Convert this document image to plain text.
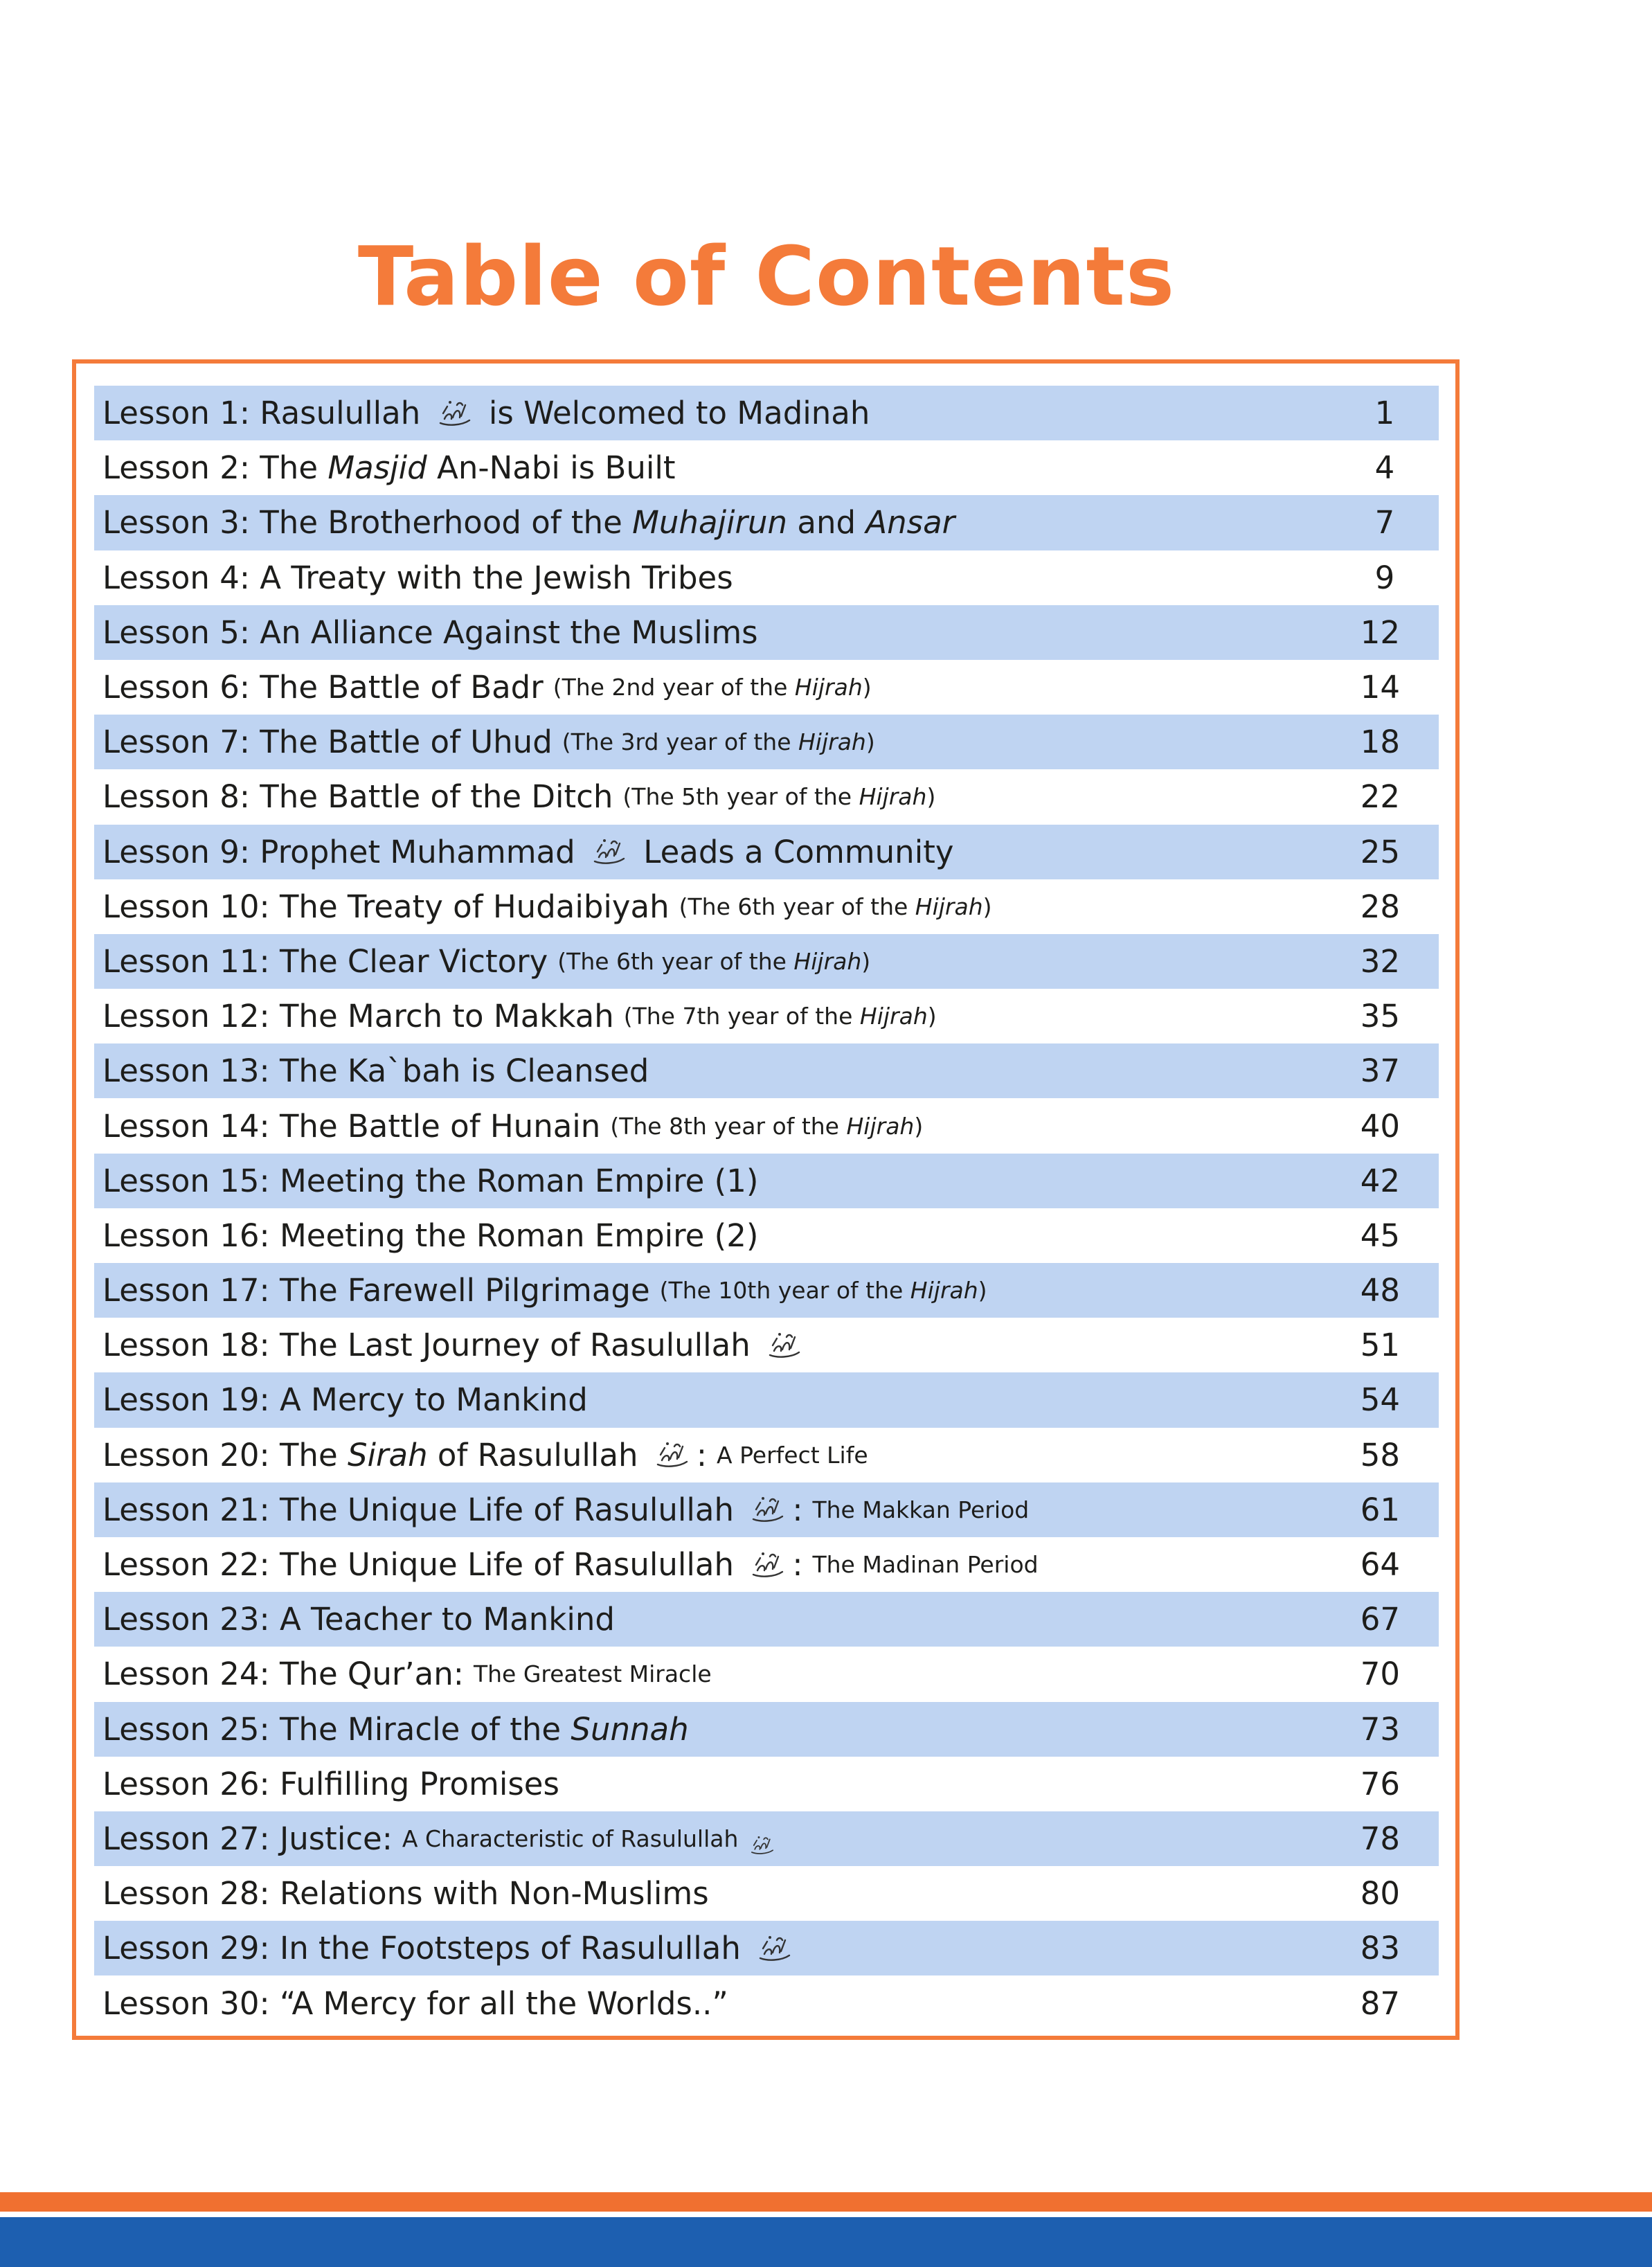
Table of Contents
Lesson 1: Rasulullah is Welcomed to Madinah	1
Lesson 2: The Masjid An-Nabi is Built	4
Lesson 3: The Brotherhood of the Muhajirun and Ansar	7
Lesson 4: A Treaty with the Jewish Tribes	9
Lesson 5: An Alliance Against the Muslims	12
Lesson 6: The Battle of Badr (The 2nd year of the Hijrah )	14
Lesson 7: The Battle of Uhud (The 3rd year of the Hijrah )	18
Lesson 8: The Battle of the Ditch (The 5th year of the Hijrah )	22
Lesson 9: Prophet Muhammad Leads a Community	25
Lesson 10: The Treaty of Hudaibiyah (The 6th year of the Hijrah )	28
Lesson 11: The Clear Victory (The 6th year of the Hijrah )	32
Lesson 12: The March to Makkah (The 7th year of the Hijrah )	35
Lesson 13: The Ka`bah is Cleansed	37
Lesson 14: The Battle of Hunain (The 8th year of the Hijrah )	40
Lesson 15: Meeting the Roman Empire (1)	42
Lesson 16: Meeting the Roman Empire (2)	45
Lesson 17: The Farewell Pilgrimage (The 10th year of the Hijrah )	48
Lesson 18: The Last Journey of Rasulullah	51
Lesson 19: A Mercy to Mankind	54
Lesson 20: The Sirah of Rasulullah : A Perfect Life	58
Lesson 21: The Unique Life of Rasulullah : The Makkan Period	61
Lesson 22: The Unique Life of Rasulullah : The Madinan Period	64
Lesson 23: A Teacher to Mankind	67
Lesson 24: The Qur’an: The Greatest Miracle	70
Lesson 25: The Miracle of the Sunnah	73
Lesson 26: Fulfilling Promises	76
Lesson 27: Justice: A Characteristic of Rasulullah	78
Lesson 28: Relations with Non-Muslims	80
Lesson 29: In the Footsteps of Rasulullah	83
Lesson 30: “A Mercy for all the Worlds..”	87
